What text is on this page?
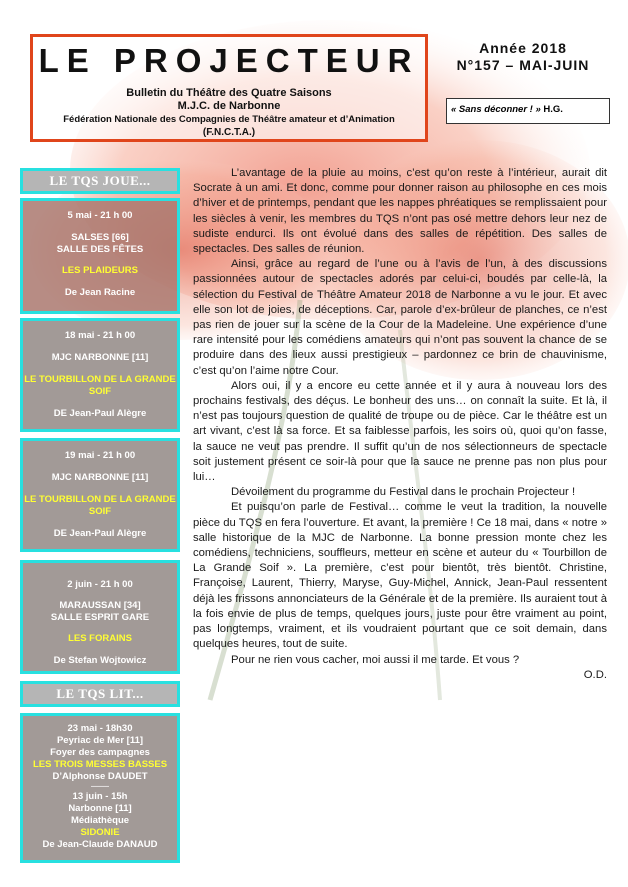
LE PROJECTEUR
Bulletin du Théâtre des Quatre Saisons
M.J.C. de Narbonne
Fédération Nationale des Compagnies de Théâtre amateur et d’Animation
(F.N.C.T.A.)
Année 2018
N°157 – MAI-JUIN
« Sans déconner ! » H.G.
LE TQS JOUE...
5 mai - 21 h 00
SALSES [66]
SALLE DES FÊTES
LES PLAIDEURS
De Jean Racine
18 mai - 21 h 00
MJC NARBONNE [11]
LE TOURBILLON DE LA GRANDE SOIF
DE Jean-Paul Alègre
19 mai - 21 h 00
MJC NARBONNE [11]
LE TOURBILLON DE LA GRANDE SOIF
DE Jean-Paul Alègre
2 juin - 21 h 00
MARAUSSAN [34]
SALLE ESPRIT GARE
LES FORAINS
De Stefan Wojtowicz
LE TQS LIT...
23 mai - 18h30
Peyriac de Mer [11]
Foyer des campagnes
LES TROIS MESSES BASSES
D’Alphonse DAUDET
———
13 juin - 15h
Narbonne [11]
Médiathèque
SIDONIE
De Jean-Claude DANAUD

L’avantage de la pluie au moins, c’est qu’on reste à l’intérieur, aurait dit Socrate à un ami. Et donc, comme pour donner raison au philosophe en ces mois d’hiver et de printemps, pendant que les nappes phréatiques se remplissaient pour les siècles à venir, les membres du TQS n’ont pas osé mettre dehors leur nez de sudiste endurci. Ils ont évolué dans des salles de répétition. Des salles de spectacles. Des salles de réunion.

Ainsi, grâce au regard de l’une ou à l’avis de l’un, à des discussions passionnées autour de spectacles adorés par celui-ci, boudés par celle-là, la sélection du Festival de Théâtre Amateur 2018 de Narbonne a vu le jour. Et avec elle son lot de joies, de déceptions. Car, parole d’ex-brûleur de planches, ce n’est pas rien de jouer sur la scène de la Cour de la Madeleine. Une expérience d’une rare intensité pour les comédiens amateurs qui n’ont pas souvent la chance de se produire dans des lieux aussi prestigieux – pardonnez ce brin de chauvinisme, c’est qu’on l’aime notre Cour.

Alors oui, il y a encore eu cette année et il y aura à nouveau lors des prochains festivals, des déçus. Le bonheur des uns… on connaît la suite. Et là, il n’est pas toujours question de qualité de troupe ou de pièce. Car le théâtre est un art vivant, c’est là sa force. Et sa faiblesse parfois, les soirs où, quoi qu’on fasse, la sauce ne veut pas prendre. Il suffit qu’un de nos sélectionneurs de spectacle soit justement présent ce soir-là pour que la sauce ne prenne pas non plus pour lui…

Dévoilement du programme du Festival dans le prochain Projecteur !

Et puisqu’on parle de Festival… comme le veut la tradition, la nouvelle pièce du TQS en fera l’ouverture. Et avant, la première ! Ce 18 mai, dans « notre » salle historique de la MJC de Narbonne. La bonne pression monte chez les comédiens, techniciens, souffleurs, metteur en scène et auteur du « Tourbillon de La Grande Soif ». La première, c’est pour bientôt, très bientôt. Christine, Françoise, Laurent, Thierry, Maryse, Guy-Michel, Annick, Jean-Paul ressentent déjà les frissons annonciateurs de la Générale et de la première. Ils auraient tout à la fois envie de plus de temps, quelques jours, juste pour être vraiment au point, pas longtemps, vraiment, et ils voudraient pourtant que ce soit demain, dans quelques heures, tout de suite.

Pour ne rien vous cacher, moi aussi il me tarde. Et vous ?

O.D.
